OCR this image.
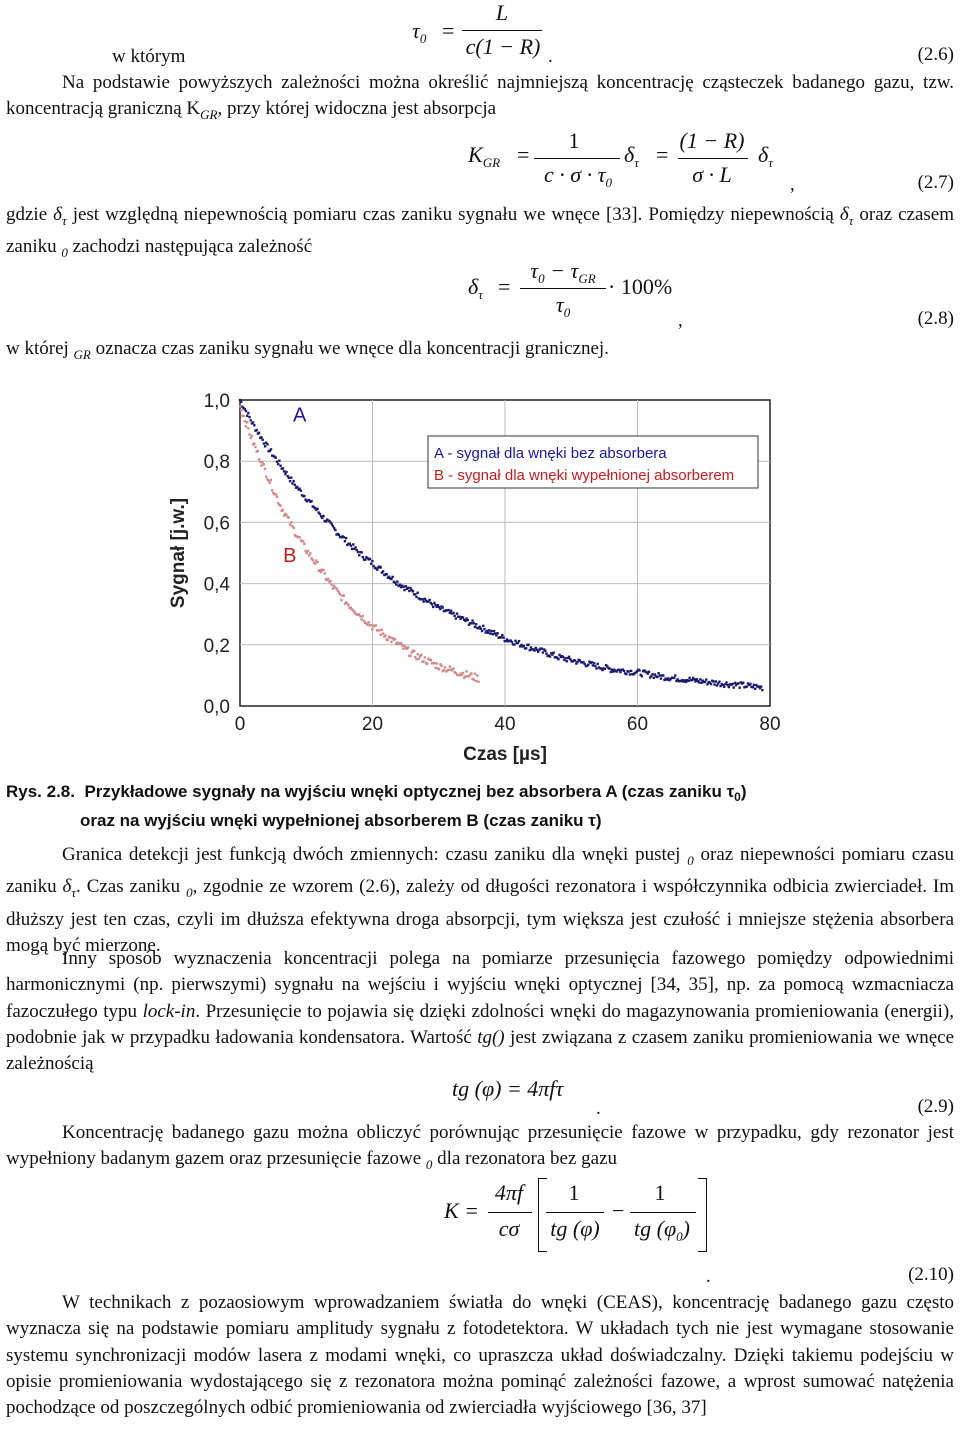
$\tau_0$ =
L
c(1 − R)
w którym	.	(2.6)
Na podstawie powyższych zależności można określić najmniejszą koncentrację cząsteczek badanego gazu, tzw. koncentracją graniczną $K_{GR}$, przy której widoczna jest absorpcja
$K_{GR}$ =
1
$c \cdot \sigma \cdot \tau_0$
$\delta_\tau$ =
(1 − R)
σ · L
$\delta_\tau$
,	(2.7)
gdzie $\delta_\tau$ jest względną niepewnością pomiaru czas zaniku sygnału we wnęce [33]. Pomiędzy niepewnością $\delta_\tau$ oraz czasem zaniku $_0$ zachodzi następująca zależność
$\delta_\tau$ =
$\tau_0 - \tau_{GR}$
$\tau_0$
· 100%
,	(2.8)
w której $_{GR}$ oznacza czas zaniku sygnału we wnęce dla koncentracji granicznej.
0	20	40	60	80
0,0
0,2
0,4
0,6
0,8
1,0
Czas [µs]
Sygnał [j.w.]
A
B
A - sygnał dla wnęki bez absorbera
B - sygnał dla wnęki wypełnionej absorberem
Rys. 2.8. Przykładowe sygnały na wyjściu wnęki optycznej bez absorbera A (czas zaniku $\tau_0$)
oraz na wyjściu wnęki wypełnionej absorberem B (czas zaniku τ)
Granica detekcji jest funkcją dwóch zmiennych: czasu zaniku dla wnęki pustej $_0$ oraz niepewności pomiaru czasu zaniku $\delta_\tau$. Czas zaniku $_0$, zgodnie ze wzorem (2.6), zależy od długości rezonatora i współczynnika odbicia zwierciadeł. Im dłuższy jest ten czas, czyli im dłuższa efektywna droga absorpcji, tym większa jest czułość i mniejsze stężenia absorbera mogą być mierzone.
Inny sposób wyznaczenia koncentracji polega na pomiarze przesunięcia fazowego pomiędzy odpowiednimi harmonicznymi (np. pierwszymi) sygnału na wejściu i wyjściu wnęki optycznej [34, 35], np. za pomocą wzmacniacza fazoczułego typu lock-in. Przesunięcie to pojawia się dzięki zdolności wnęki do magazynowania promieniowania (energii), podobnie jak w przypadku ładowania kondensatora. Wartość tg() jest związana z czasem zaniku promieniowania we wnęce zależnością
tg (φ) = 4πfτ
.	(2.9)
Koncentrację badanego gazu można obliczyć porównując przesunięcie fazowe w przypadku, gdy rezonator jest wypełniony badanym gazem oraz przesunięcie fazowe $_0$ dla rezonatora bez gazu
K =
4πf
cσ
1
tg (φ)
−
1
tg $(\varphi_0)$
.	(2.10)
W technikach z pozaosiowym wprowadzaniem światła do wnęki (CEAS), koncentrację badanego gazu często wyznacza się na podstawie pomiaru amplitudy sygnału z fotodetektora. W układach tych nie jest wymagane stosowanie systemu synchronizacji modów lasera z modami wnęki, co upraszcza układ doświadczalny. Dzięki takiemu podejściu w opisie promieniowania wydostającego się z rezonatora można pominąć zależności fazowe, a wprost sumować natężenia pochodzące od poszczególnych odbić promieniowania od zwierciadła wyjściowego [36, 37]
